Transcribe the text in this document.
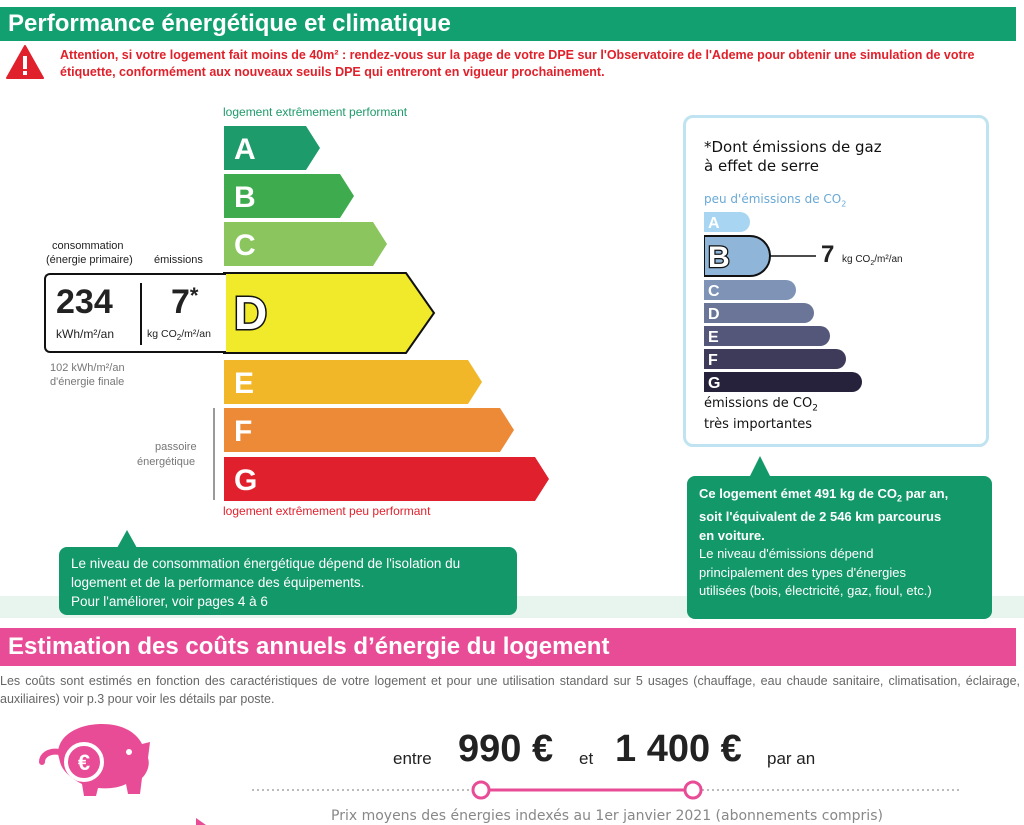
Performance énergétique et climatique
Attention, si votre logement fait moins de 40m² : rendez-vous sur la page de votre DPE sur l'Observatoire de l'Ademe pour obtenir une simulation de votre étiquette, conformément aux nouveaux seuils DPE qui entreront en vigueur prochainement.
logement extrêmement performant
A
B
C
D
E
F
G
logement extrêmement peu performant
consommation
(énergie primaire) émissions
234
kWh/m²/an
7*
kg $CO_2/m^2/an$
102 kWh/m²/an
d'énergie finale
passoire
énergétique
Le niveau de consommation énergétique dépend de l'isolation du
logement et de la performance des équipements.
Pour l'améliorer, voir pages 4 à 6
*Dont émissions de gaz
à effet de serre
peu d'émissions de $CO_2$
A
B
C
D
E
F
G
7 kg $CO_2/m^2/an$
émissions de $CO_2$
très importantes
Ce logement émet 491 kg de $CO_2$ par an,
soit l'équivalent de 2 546 km parcourus
en voiture.
Le niveau d'émissions dépend
principalement des types d'énergies
utilisées (bois, électricité, gaz, fioul, etc.)
Estimation des coûts annuels d’énergie du logement
Les coûts sont estimés en fonction des caractéristiques de votre logement et pour une utilisation standard sur 5 usages (chauffage, eau chaude sanitaire, climatisation, éclairage, auxiliaires) voir p.3 pour voir les détails par poste.
€	entre 990 € et 1 400 € par an
Prix moyens des énergies indexés au 1er janvier 2021 (abonnements compris)
